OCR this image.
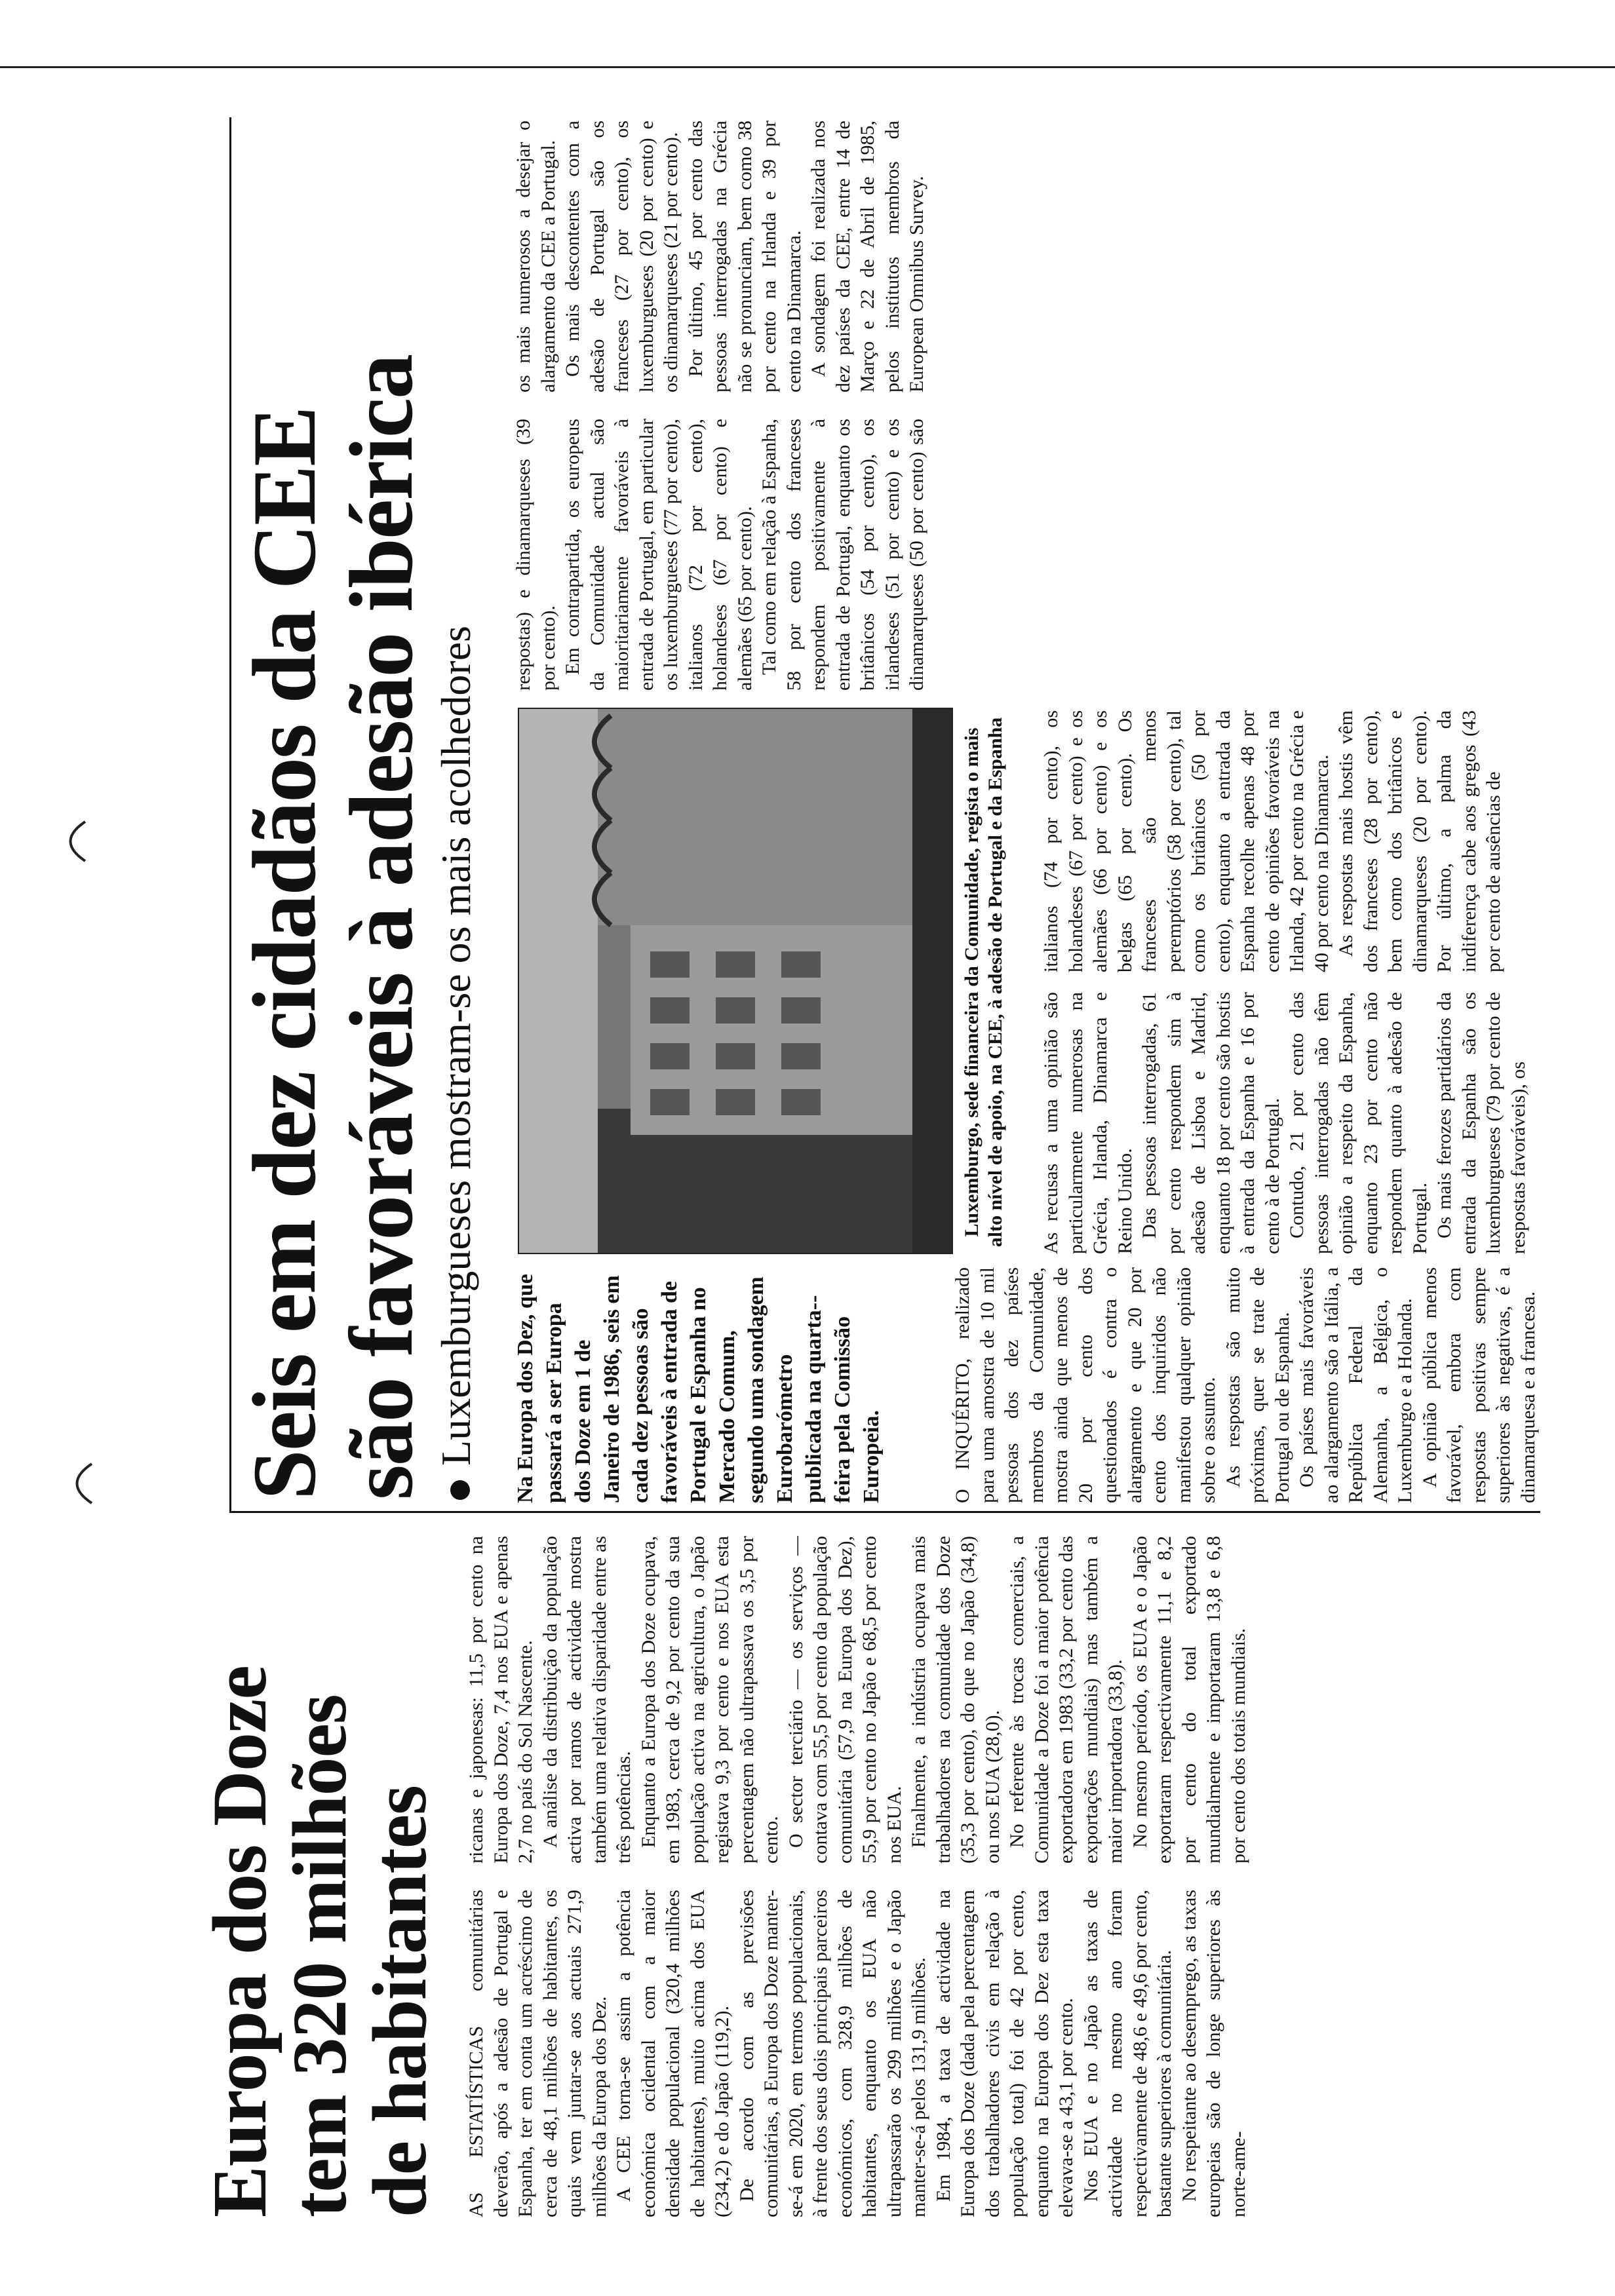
Europa dos Doze
tem 320 milhões
de habitantes AS ESTATÍSTICAS comunitárias deverão, após a adesão de Portugal e Espanha, ter em conta um acréscimo de cerca de 48,1 milhões de habitantes, os quais vem juntar-se aos actuais 271,9 milhões da Europa dos Dez. A CEE torna-se assim a potência económica ocidental com a maior densidade populacional (320,4 milhões de habitantes), muito acima dos EUA (234,2) e do Japão (119,2). De acordo com as previsões comunitárias, a Europa dos Doze manter-se-á em 2020, em termos populacionais, à frente dos seus dois principais parceiros económicos, com 328,9 milhões de habitantes, enquanto os EUA não ultrapassarão os 299 milhões e o Japão manter-se-á pelos 131,9 milhões. Em 1984, a taxa de actividade na Europa dos Doze (dada pela percentagem dos trabalhadores civis em relação à população total) foi de 42 por cento, enquanto na Europa dos Dez esta taxa elevava-se a 43,1 por cento. Nos EUA e no Japão as taxas de actividade no mesmo ano foram respectivamente de 48,6 e 49,6 por cento, bastante superiores à comunitária. No respeitante ao desemprego, as taxas europeias são de longe superiores às norte-ame-

ricanas e japonesas: 11,5 por cento na Europa dos Doze, 7,4 nos EUA e apenas 2,7 no país do Sol Nascente. A análise da distribuição da população activa por ramos de actividade mostra também uma relativa disparidade entre as três potências. Enquanto a Europa dos Doze ocupava, em 1983, cerca de 9,2 por cento da sua população activa na agricultura, o Japão registava 9,3 por cento e nos EUA esta percentagem não ultrapassava os 3,5 por cento. O sector terciário — os serviços — contava com 55,5 por cento da população comunitária (57,9 na Europa dos Dez), 55,9 por cento no Japão e 68,5 por cento nos EUA. Finalmente, a indústria ocupava mais trabalhadores na comunidade dos Doze (35,3 por cento), do que no Japão (34,8) ou nos EUA (28,0). No referente às trocas comerciais, a Comunidade a Doze foi a maior potência exportadora em 1983 (33,2 por cento das exportações mundiais) mas também a maior importadora (33,8). No mesmo período, os EUA e o Japão exportaram respectivamente 11,1 e 8,2 por cento do total exportado mundialmente e importaram 13,8 e 6,8 por cento dos totais mundiais.

Seis em dez cidadãos da CEE
são favoráveis à adesão ibérica Luxemburgueses mostram-se os mais acolhedores Na Europa dos Dez, que passará a ser Europa dos Doze em 1 de Janeiro de 1986, seis em cada dez pessoas são favoráveis à entrada de Portugal e Espanha no Mercado Comum, segundo uma sondagem Eurobarómetro publicada na quarta--feira pela Comissão Europeia.
Luxemburgo, sede financeira da Comunidade, regista o mais alto nível de apoio, na CEE, à adesão de Portugal e da Espanha

O INQUÉRITO, realizado para uma amostra de 10 mil pessoas dos dez países membros da Comunidade, mostra ainda que menos de 20 por cento dos questionados é contra o alargamento e que 20 por cento dos inquiridos não manifestou qualquer opinião sobre o assunto. As respostas são muito próximas, quer se trate de Portugal ou de Espanha. Os países mais favoráveis ao alargamento são a Itália, a República Federal da Alemanha, a Bélgica, o Luxemburgo e a Holanda. A opinião pública menos favorável, embora com respostas positivas sempre superiores às negativas, é a dinamarquesa e a francesa.

As recusas a uma opinião são particularmente numerosas na Grécia, Irlanda, Dinamarca e Reino Unido. Das pessoas interrogadas, 61 por cento respondem sim à adesão de Lisboa e Madrid, enquanto 18 por cento são hostis à entrada da Espanha e 16 por cento à de Portugal. Contudo, 21 por cento das pessoas interrogadas não têm opinião a respeito da Espanha, enquanto 23 por cento não respondem quanto à adesão de Portugal. Os mais ferozes partidários da entrada da Espanha são os luxemburgueses (79 por cento de respostas favoráveis), os

italianos (74 por cento), os holandeses (67 por cento) e os alemães (66 por cento) e os belgas (65 por cento). Os franceses são menos peremptórios (58 por cento), tal como os britânicos (50 por cento), enquanto a entrada da Espanha recolhe apenas 48 por cento de opiniões favoráveis na Irlanda, 42 por cento na Grécia e 40 por cento na Dinamarca. As respostas mais hostis vêm dos franceses (28 por cento), bem como dos britânicos e dinamarqueses (20 por cento). Por último, a palma da indiferença cabe aos gregos (43 por cento de ausências de

respostas) e dinamarqueses (39 por cento). Em contrapartida, os europeus da Comunidade actual são maioritariamente favoráveis à entrada de Portugal, em particular os luxemburgueses (77 por cento), italianos (72 por cento), holandeses (67 por cento) e alemães (65 por cento). Tal como em relação à Espanha, 58 por cento dos franceses respondem positivamente à entrada de Portugal, enquanto os britânicos (54 por cento), os irlandeses (51 por cento) e os dinamarqueses (50 por cento) são os mais numerosos a desejar o alargamento da CEE a Portugal. Os mais descontentes com a adesão de Portugal são os franceses (27 por cento), os luxemburgueses (20 por cento) e os dinamarqueses (21 por cento). Por último, 45 por cento das pessoas interrogadas na Grécia não se pronunciam, bem como 38 por cento na Irlanda e 39 por cento na Dinamarca. A sondagem foi realizada nos dez países da CEE, entre 14 de Março e 22 de Abril de 1985, pelos institutos membros da European Omnibus Survey.
